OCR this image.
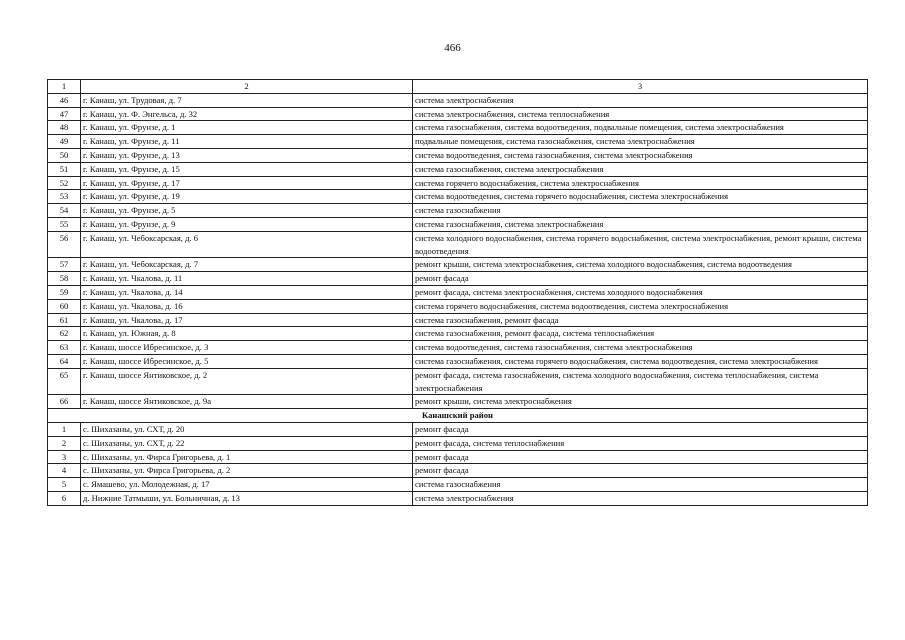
466
1	2	3
46	г. Канаш, ул. Трудовая, д. 7	система электроснабжения
47	г. Канаш, ул. Ф. Энгельса, д. 32	система электроснабжения, система теплоснабжения
48	г. Канаш, ул. Фрунзе, д. 1	система газоснабжения, система водоотведения, подвальные помещения, система электроснабжения
49	г. Канаш, ул. Фрунзе, д. 11	подвальные помещения, система газоснабжения, система электроснабжения
50	г. Канаш, ул. Фрунзе, д. 13	система водоотведения, система газоснабжения, система электроснабжения
51	г. Канаш, ул. Фрунзе, д. 15	система газоснабжения, система электроснабжения
52	г. Канаш, ул. Фрунзе, д. 17	система горячего водоснабжения, система электроснабжения
53	г. Канаш, ул. Фрунзе, д. 19	система водоотведения, система горячего водоснабжения, система электроснабжения
54	г. Канаш, ул. Фрунзе, д. 5	система газоснабжения
55	г. Канаш, ул. Фрунзе, д. 9	система газоснабжения, система электроснабжения
56	г. Канаш, ул. Чебоксарская, д. 6	система холодного водоснабжения, система горячего водоснабжения, система электроснабжения, ремонт крыши, система водоотведения
57	г. Канаш, ул. Чебоксарская, д. 7	ремонт крыши, система электроснабжения, система холодного водоснабжения, система водоотведения
58	г. Канаш, ул. Чкалова, д. 11	ремонт фасада
59	г. Канаш, ул. Чкалова, д. 14	ремонт фасада, система электроснабжения, система холодного водоснабжения
60	г. Канаш, ул. Чкалова, д. 16	система горячего водоснабжения, система водоотведения, система электроснабжения
61	г. Канаш, ул. Чкалова, д. 17	система газоснабжения, ремонт фасада
62	г. Канаш, ул. Южная, д. 8	система газоснабжения, ремонт фасада, система теплоснабжения
63	г. Канаш, шоссе Ибресинское, д. 3	система водоотведения, система газоснабжения, система электроснабжения
64	г. Канаш, шоссе Ибресинское, д. 5	система газоснабжения, система горячего водоснабжения, система водоотведения, система электроснабжения
65	г. Канаш, шоссе Янтиковское, д. 2	ремонт фасада, система газоснабжения, система холодного водоснабжения, система теплоснабжения, система электроснабжения
66	г. Канаш, шоссе Янтиковское, д. 9а	ремонт крыши, система электроснабжения
Канашский район		
1	с. Шихазаны, ул. СХТ, д. 20	ремонт фасада
2	с. Шихазаны, ул. СХТ, д. 22	ремонт фасада, система теплоснабжения
3	с. Шихазаны, ул. Фирса Григорьева, д. 1	ремонт фасада
4	с. Шихазаны, ул. Фирса Григорьева, д. 2	ремонт фасада
5	с. Ямашево, ул. Молодежная, д. 17	система газоснабжения
6	д. Нижние Татмыши, ул. Больничная, д. 13	система электроснабжения
